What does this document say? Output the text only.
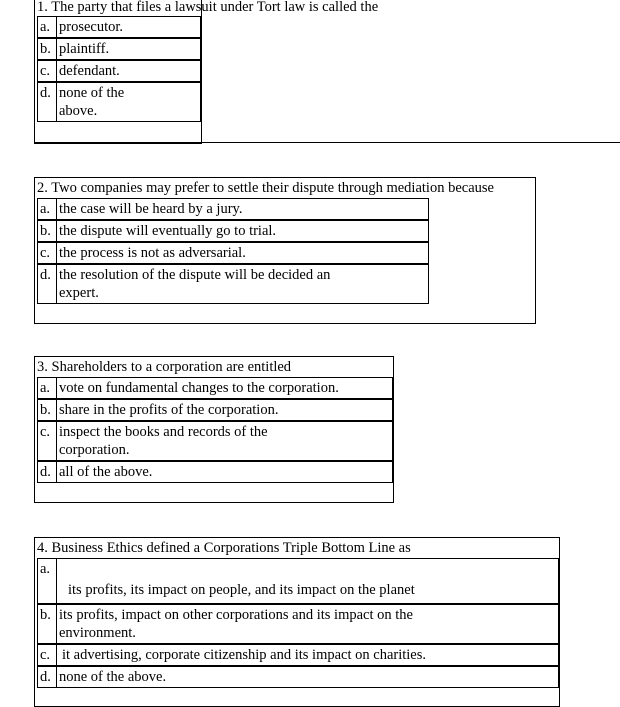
1. The party that files a lawsuit under Tort law is called the
a. prosecutor.
b. plaintiff.
c. defendant.
d. none of the
above.
2. Two companies may prefer to settle their dispute through mediation because
a. the case will be heard by a jury.
b. the dispute will eventually go to trial.
c. the process is not as adversarial.
d. the resolution of the dispute will be decided an
expert.
3. Shareholders to a corporation are entitled
a. vote on fundamental changes to the corporation.
b. share in the profits of the corporation.
c. inspect the books and records of the
corporation.
d. all of the above.
4. Business Ethics defined a Corporations Triple Bottom Line as
a.
its profits, its impact on people, and its impact on the planet
b. its profits, impact on other corporations and its impact on the
environment.
c. it advertising, corporate citizenship and its impact on charities.
d. none of the above.
